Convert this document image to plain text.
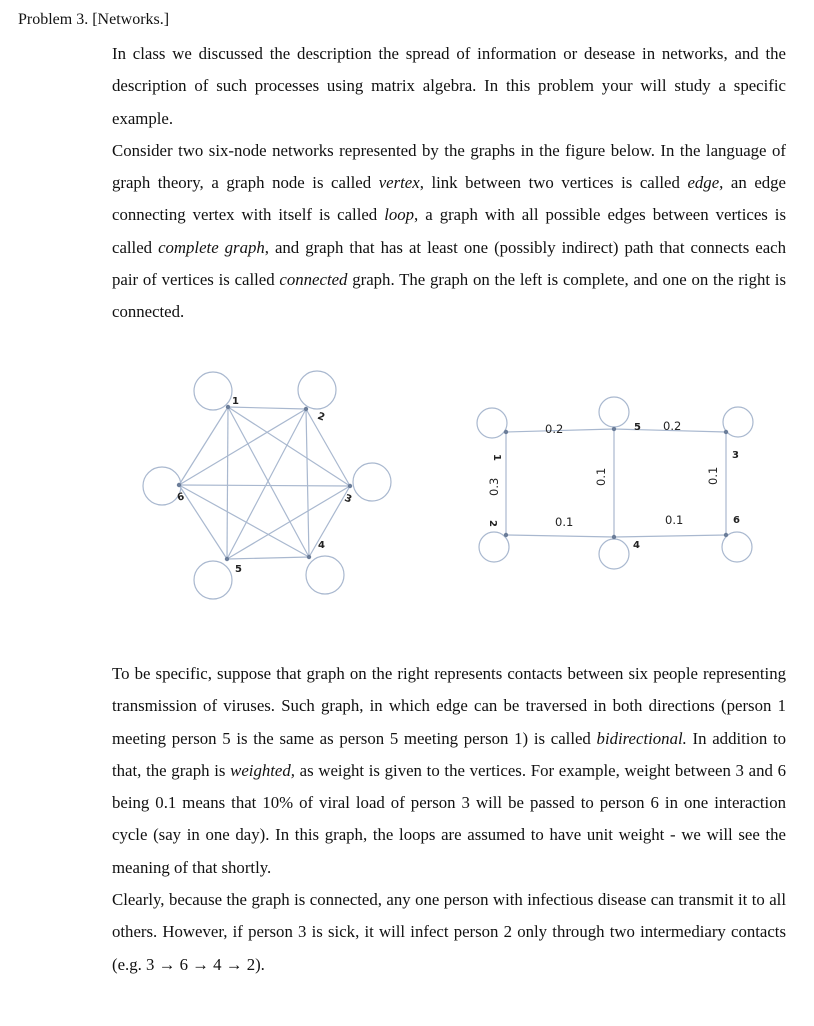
Problem 3. [Networks.]

In class we discussed the description the spread of information or desease in networks, and the description of such processes using matrix algebra. In this problem your will study a specific example.

Consider two six-node networks represented by the graphs in the figure below. In the language of graph theory, a graph node is called vertex, link between two vertices is called edge, an edge connecting vertex with itself is called loop, a graph with all possible edges between vertices is called complete graph, and graph that has at least one (possibly indirect) path that connects each pair of vertices is called connected graph. The graph on the left is complete, and one on the right is connected.

1
2
3
4
5
6
1
2
3
4
5
6
0.2	0.2
0.3
0.1	0.1
0.1	0.1

To be specific, suppose that graph on the right represents contacts between six people representing transmission of viruses. Such graph, in which edge can be traversed in both directions (person 1 meeting person 5 is the same as person 5 meeting person 1) is called bidirectional. In addition to that, the graph is weighted, as weight is given to the vertices. For example, weight between 3 and 6 being 0.1 means that 10% of viral load of person 3 will be passed to person 6 in one interaction cycle (say in one day). In this graph, the loops are assumed to have unit weight - we will see the meaning of that shortly.

Clearly, because the graph is connected, any one person with infectious disease can transmit it to all others. However, if person 3 is sick, it will infect person 2 only through two intermediary contacts (e.g. 3 → 6 → 4 → 2).
